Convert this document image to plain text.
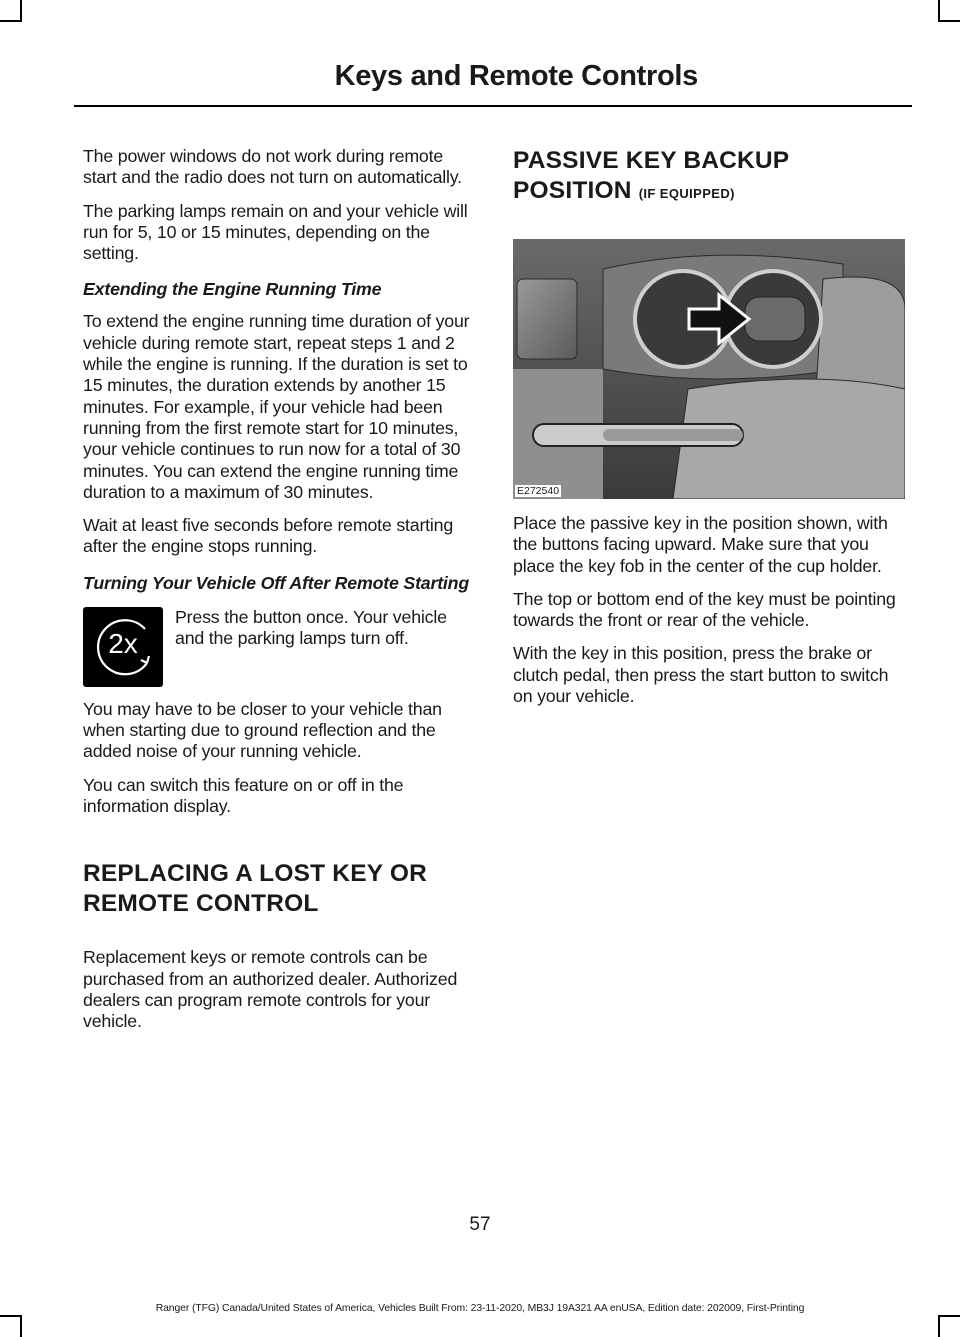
Keys and Remote Controls

The power windows do not work during remote start and the radio does not turn on automatically.

The parking lamps remain on and your vehicle will run for 5, 10 or 15 minutes, depending on the setting.

Extending the Engine Running Time

To extend the engine running time duration of your vehicle during remote start, repeat steps 1 and 2 while the engine is running. If the duration is set to 15 minutes, the duration extends by another 15 minutes. For example, if your vehicle had been running from the first remote start for 10 minutes, your vehicle continues to run now for a total of 30 minutes. You can extend the engine running time duration to a maximum of 30 minutes.

Wait at least five seconds before remote starting after the engine stops running.

Turning Your Vehicle Off After Remote Starting
2x

Press the button once. Your vehicle and the parking lamps turn off.

You may have to be closer to your vehicle than when starting due to ground reflection and the added noise of your running vehicle.

You can switch this feature on or off in the information display.

REPLACING A LOST KEY OR
REMOTE CONTROL

Replacement keys or remote controls can be purchased from an authorized dealer. Authorized dealers can program remote controls for your vehicle.

PASSIVE KEY BACKUP
POSITION (IF EQUIPPED)
E272540

Place the passive key in the position shown, with the buttons facing upward. Make sure that you place the key fob in the center of the cup holder.

The top or bottom end of the key must be pointing towards the front or rear of the vehicle.

With the key in this position, press the brake or clutch pedal, then press the start button to switch on your vehicle.

57
Ranger (TFG) Canada/United States of America, Vehicles Built From: 23-11-2020, MB3J 19A321 AA enUSA, Edition date: 202009, First-Printing
